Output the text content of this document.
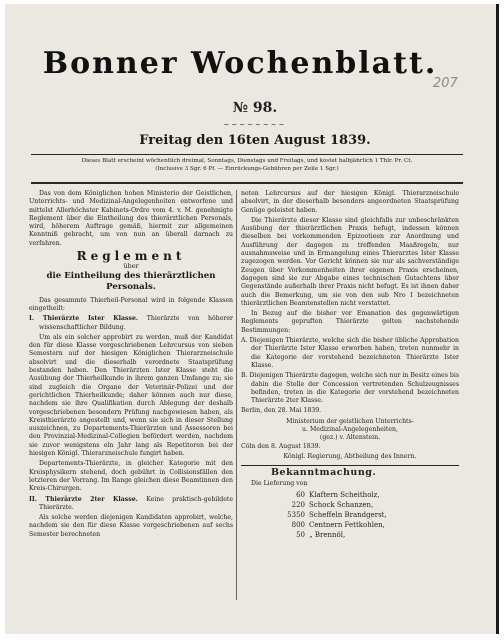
Bonner Wochenblatt.
207
№ 98.
~~~~~~~~
Freitag den 16ten August 1839.
Dieses Blatt erscheint wöchentlich dreimal, Sonntags, Dienstags und Freitags, und kostet halbjährlich 1 Thlr. Pr. Ct.
(Inclusive 3 Sgr. 6 Pf. — Einrückungs-Gebühren per Zeile 1 Sgr.)

Das von dem Königlichen hohen Ministerio der Geistlichen, Unterrichts- und Medizinal-Angelegenheiten entworfene und mittelst Allerhöchster Kabinets-Ordre vom 4. v. M. genehmigte Reglement über die Eintheilung des thierärztlichen Personals, wird, höherem Auftrage gemäß, hiermit zur allgemeinen Kenntniß gebracht, um von nun an überall darnach zu verfahren.

Reglement
über
die Eintheilung des thierärztlichen
Personals.

Das gesammte Thierheil-Personal wird in folgende Klassen eingetheilt:

I. Thierärzte Ister Klasse. Thierärzte von höherer wissenschaftlicher Bildung.

Um als ein solcher approbirt zu werden, muß der Kandidat den für diese Klasse vorgeschriebenen Lehrcursus von sieben Semestern auf der hiesigen Königlichen Thierarzneischule absolvirt und die dieserhalb verordnete Staatsprüfung bestanden haben. Den Thierärzten Ister Klasse steht die Ausübung der Thierheilkunde in ihrem ganzen Umfange zu; sie sind zugleich die Organe der Veterinär-Polizei und der gerichtlichen Thierheilkunde; daher können auch nur diese, nachdem sie ihre Qualifikation durch Ablegung der deshalb vorgeschriebenen besondern Prüfung nachgewiesen haben, als Kreisthierärzte angestellt und, wenn sie sich in dieser Stellung auszeichnen, zu Departements-Thierärzten und Assessoren bei den Provinzial-Medizinal-Collegien befördert werden, nachdem sie zuvor wenigstens ein Jahr lang als Repetitoren bei der hiesigen Königl. Thierarzneischule fungirt haben.

Departements-Thierärzte, in gleicher Kategorie mit den Kreisphysikern stehend, doch gebührt in Collisionsfällen den letzteren der Vorrang. Im Range gleichen diese Beamtinnen den Kreis-Chirurgen.

II. Thierärzte 2ter Klasse. Keine praktisch-gebildete Thierärzte.

Als solche werden diejenigen Kandidaten approbirt, welche, nachdem sie den für diese Klasse vorgeschriebenen auf sechs Semester berechneten

neten Lehrcursus auf der hiesigen Königl. Thierarzneischule absolvirt, in der dieserhalb besonders angeordneten Staatsprüfung Genüge geleistet haben.

Die Thierärzte dieser Klasse sind gleichfalls zur unbeschränkten Ausübung der thierärztlichen Praxis befugt, indessen können dieselben bei vorkommenden Epizootieen zur Anordnung und Ausführung der dagegen zu treffenden Maaßregeln, nur ausnahmsweise und in Ermangelung eines Thierarztes Ister Klasse zugezogen werden. Vor Gericht können sie nur als sachverständige Zeugen über Vorkommenheiten ihrer eigenen Praxis erscheinen, dagegen sind sie zur Abgabe eines technischen Gutachtens über Gegenstände außerhalb ihrer Praxis nicht befugt. Es ist ihnen daher auch die Bemerkung, um sie von den sub Nro I bezeichneten thierärztlichen Beamtenstellen nicht verstattet.

In Bezug auf die bisher vor Emanation des gegenwärtigen Reglements gepruften Thierärzte gelten nachstehende Bestimmungen:

A. Diejenigen Thierärzte, welche sich die bisher übliche Approbation der Thierärzte Ister Klasse erworben haben, treten nunmehr in die Kategorie der vorstehend bezeichneten Thierärzte Ister Klasse.

B. Diejenigen Thierärzte dagegen, welche sich nur in Besitz eines bis dahin die Stelle der Concession vertretenden Schulzeugnisses befinden, treten in die Kategorie der vorstehend bezeichneten Thierärzte 2ter Klasse.

Berlin, den 28. Mai 1839.

Ministerium der geistlichen Unterrichts-

u. Medizinal-Angelegenheiten,

(gez.) v. Altenstein.

Cöln den 8. August 1839.

Königl. Regierung, Abtheilung des Innern.

Bekanntmachung.

Die Lieferung von

60 Klaftern Scheitholz,
220 Schock Schanzen,
5350 Scheffeln Brandgerst,
800 Centnern Fettkohlen,
50 „ Brennöl,
